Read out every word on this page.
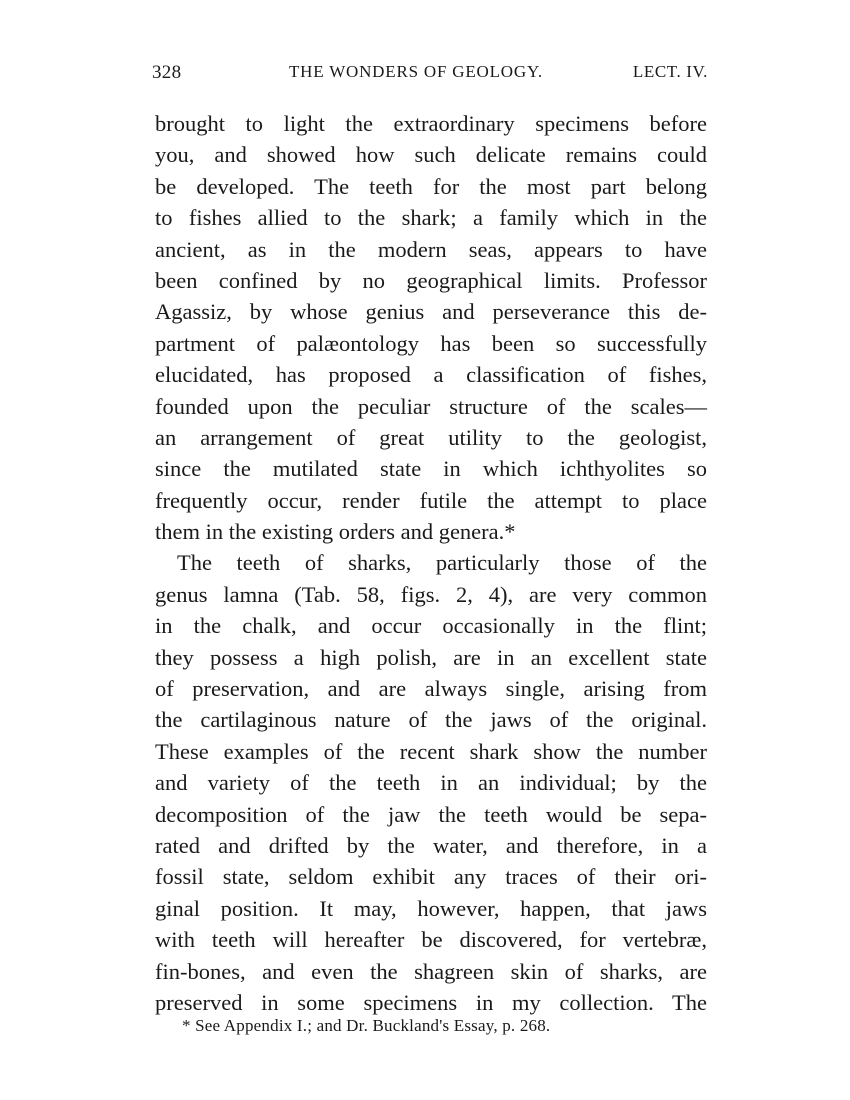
328	THE WONDERS OF GEOLOGY.	LECT. IV.
brought to light the extraordinary specimens before
you, and showed how such delicate remains could
be developed. The teeth for the most part belong
to fishes allied to the shark; a family which in the
ancient, as in the modern seas, appears to have
been confined by no geographical limits. Professor
Agassiz, by whose genius and perseverance this de-
partment of palæontology has been so successfully
elucidated, has proposed a classification of fishes,
founded upon the peculiar structure of the scales—
an arrangement of great utility to the geologist,
since the mutilated state in which ichthyolites so
frequently occur, render futile the attempt to place
them in the existing orders and genera.*
The teeth of sharks, particularly those of the
genus lamna (Tab. 58, figs. 2, 4), are very common
in the chalk, and occur occasionally in the flint;
they possess a high polish, are in an excellent state
of preservation, and are always single, arising from
the cartilaginous nature of the jaws of the original.
These examples of the recent shark show the number
and variety of the teeth in an individual; by the
decomposition of the jaw the teeth would be sepa-
rated and drifted by the water, and therefore, in a
fossil state, seldom exhibit any traces of their ori-
ginal position. It may, however, happen, that jaws
with teeth will hereafter be discovered, for vertebræ,
fin-bones, and even the shagreen skin of sharks, are
preserved in some specimens in my collection. The
* See Appendix I.; and Dr. Buckland's Essay, p. 268.
